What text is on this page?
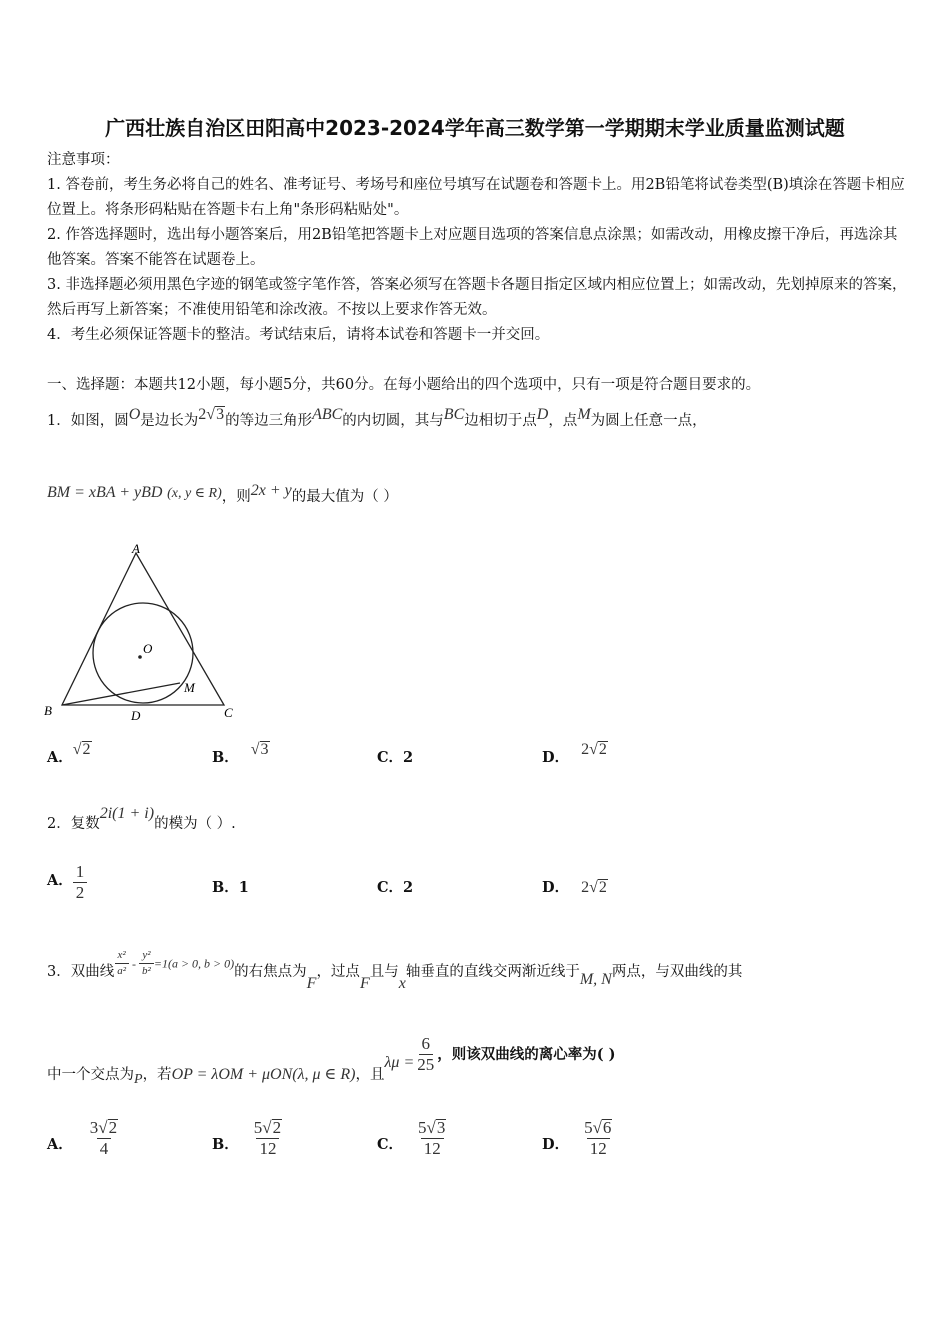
广西壮族自治区田阳高中2023-2024学年高三数学第一学期期末学业质量监测试题
注意事项：
1. 答卷前，考生务必将自己的姓名、准考证号、考场号和座位号填写在试题卷和答题卡上。用2B铅笔将试卷类型(B)填涂在答题卡相应位置上。将条形码粘贴在答题卡右上角"条形码粘贴处"。
2. 作答选择题时，选出每小题答案后，用2B铅笔把答题卡上对应题目选项的答案信息点涂黑；如需改动，用橡皮擦干净后，再选涂其他答案。答案不能答在试题卷上。
3. 非选择题必须用黑色字迹的钢笔或签字笔作答，答案必须写在答题卡各题目指定区域内相应位置上；如需改动，先划掉原来的答案，然后再写上新答案；不准使用铅笔和涂改液。不按以上要求作答无效。
4．考生必须保证答题卡的整洁。考试结束后，请将本试卷和答题卡一并交回。
一、选择题：本题共12小题，每小题5分，共60分。在每小题给出的四个选项中，只有一项是符合题目要求的。
1．如图，圆O是边长为2√3的等边三角形ABC的内切圆，其与BC边相切于点D，点M为圆上任意一点，
BM = xBA + yBD (x, y ∈ R)，则2x + y的最大值为（ ）
A
B	C
D
M
O
A．√2	B． √3	C．2	D． 2√2
2．复数2i(1 + i)的模为（ ）.
A． $\frac{1}{2}$	B．1	C．2	D． 2√2
3．双曲线 $\frac{\text{x²}}{\text{a²}} - \frac{\text{y²}}{\text{b²}} =1(a > 0$, b > 0)的右焦点为F，过点F且与x轴垂直的直线交两渐近线于M, N两点，与双曲线的其
中一个交点为P，若OP = λOM + μON(λ, μ ∈ R)，且$\lambda\mu = \frac{6}{25}$ ，则该双曲线的离心率为( )
A． $\frac{3√2}{4}$	B． $\frac{5√2}{12}$	C． $\frac{5√3}{12}$	D． $\frac{5√6}{12}$
